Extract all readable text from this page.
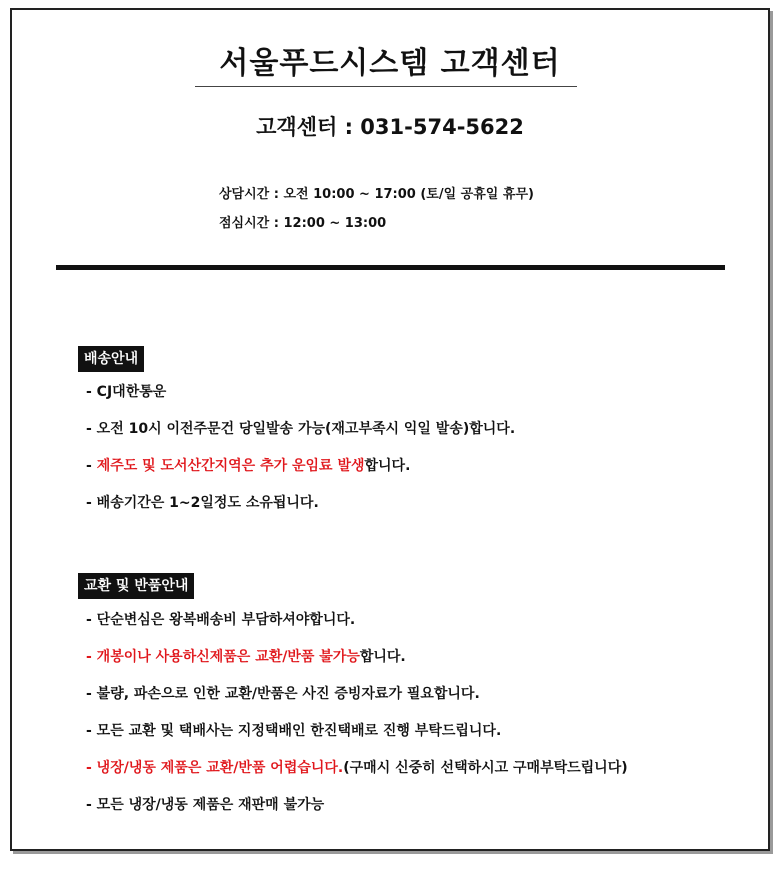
서울푸드시스템 고객센터
고객센터 : 031-574-5622
상담시간 : 오전 10:00 ~ 17:00 (토/일 공휴일 휴무)
점심시간 : 12:00 ~ 13:00
배송안내
- CJ대한통운
- 오전 10시 이전주문건 당일발송 가능(재고부족시 익일 발송)합니다.
- 제주도 및 도서산간지역은 추가 운임료 발생합니다.
- 배송기간은 1~2일정도 소유됩니다.
교환 및 반품안내
- 단순변심은 왕복배송비 부담하셔야합니다.
- 개봉이나 사용하신제품은 교환/반품 불가능합니다.
- 불량, 파손으로 인한 교환/반품은 사진 증빙자료가 필요합니다.
- 모든 교환 및 택배사는 지정택배인 한진택배로 진행 부탁드립니다.
- 냉장/냉동 제품은 교환/반품 어렵습니다.(구매시 신중히 선택하시고 구매부탁드립니다)
- 모든 냉장/냉동 제품은 재판매 불가능
